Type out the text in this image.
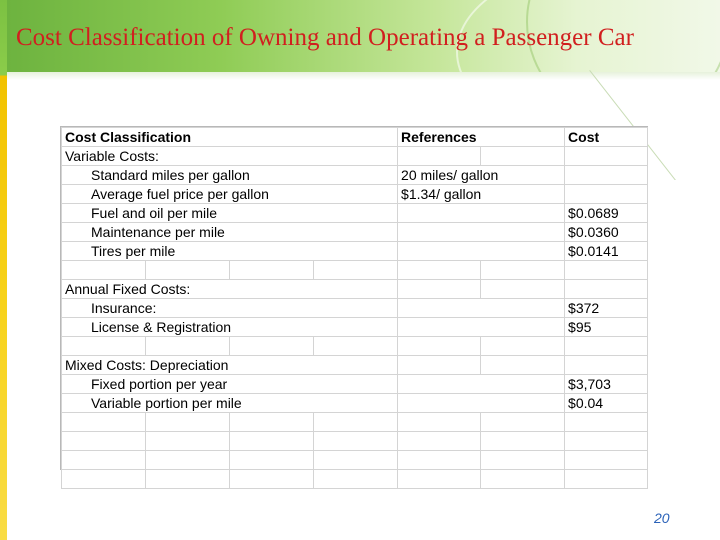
Cost Classification of Owning and Operating a Passenger Car
Cost Classification				References		Cost
Variable Costs:						
Standard miles per gallon				20 miles/ gallon		
Average fuel price per gallon				$1.34/ gallon		
Fuel and oil per mile						$0.0689
Maintenance per mile						$0.0360
Tires per mile						$0.0141

Annual Fixed Costs:						
Insurance:						$372
License & Registration						$95

Mixed Costs: Depreciation						
Fixed portion per year						$3,703
Variable portion per mile						$0.04

20
